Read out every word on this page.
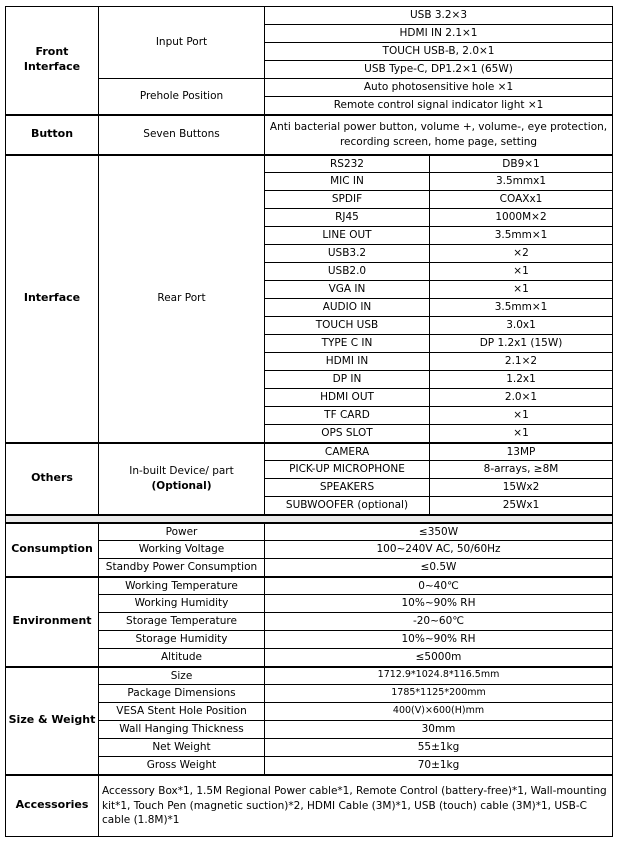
Front Interface	Input Port	USB 3.2×3	
		HDMI IN 2.1×1	
		TOUCH USB-B, 2.0×1	
		USB Type-C, DP1.2×1 (65W)	
	Prehole Position	Auto photosensitive hole ×1	
		Remote control signal indicator light ×1	
Button	Seven Buttons	Anti bacterial power button, volume +, volume-, eye protection, recording screen, home page, setting	
Interface	Rear Port	RS232	DB9×1
		MIC IN	3.5mmx1
		SPDIF	COAXx1
		RJ45	1000M×2
		LINE OUT	3.5mm×1
		USB3.2	×2
		USB2.0	×1
		VGA IN	×1
		AUDIO IN	3.5mm×1
		TOUCH USB	3.0x1
		TYPE C IN	DP 1.2x1 (15W)
		HDMI IN	2.1×2
		DP IN	1.2x1
		HDMI OUT	2.0×1
		TF CARD	×1
		OPS SLOT	×1
Others	In-built Device/ part (Optional)	CAMERA	13MP
		PICK-UP MICROPHONE	8-arrays, ≥8M
		SPEAKERS	15Wx2
		SUBWOOFER (optional)	25Wx1

Consumption	Power	≤350W	
	Working Voltage	100~240V AC, 50/60Hz	
	Standby Power Consumption	≤0.5W	
Environment	Working Temperature	0~40℃	
	Working Humidity	10%~90% RH	
	Storage Temperature	-20~60℃	
	Storage Humidity	10%~90% RH	
	Altitude	≤5000m	
Size & Weight	Size	1712.9*1024.8*116.5mm	
	Package Dimensions	1785*1125*200mm	
	VESA Stent Hole Position	400(V)×600(H)mm	
	Wall Hanging Thickness	30mm	
	Net Weight	55±1kg	
	Gross Weight	70±1kg	
Accessories	Accessory Box*1, 1.5M Regional Power cable*1, Remote Control (battery-free)*1, Wall-mounting kit*1, Touch Pen (magnetic suction)*2, HDMI Cable (3M)*1, USB (touch) cable (3M)*1, USB-C cable (1.8M)*1		
